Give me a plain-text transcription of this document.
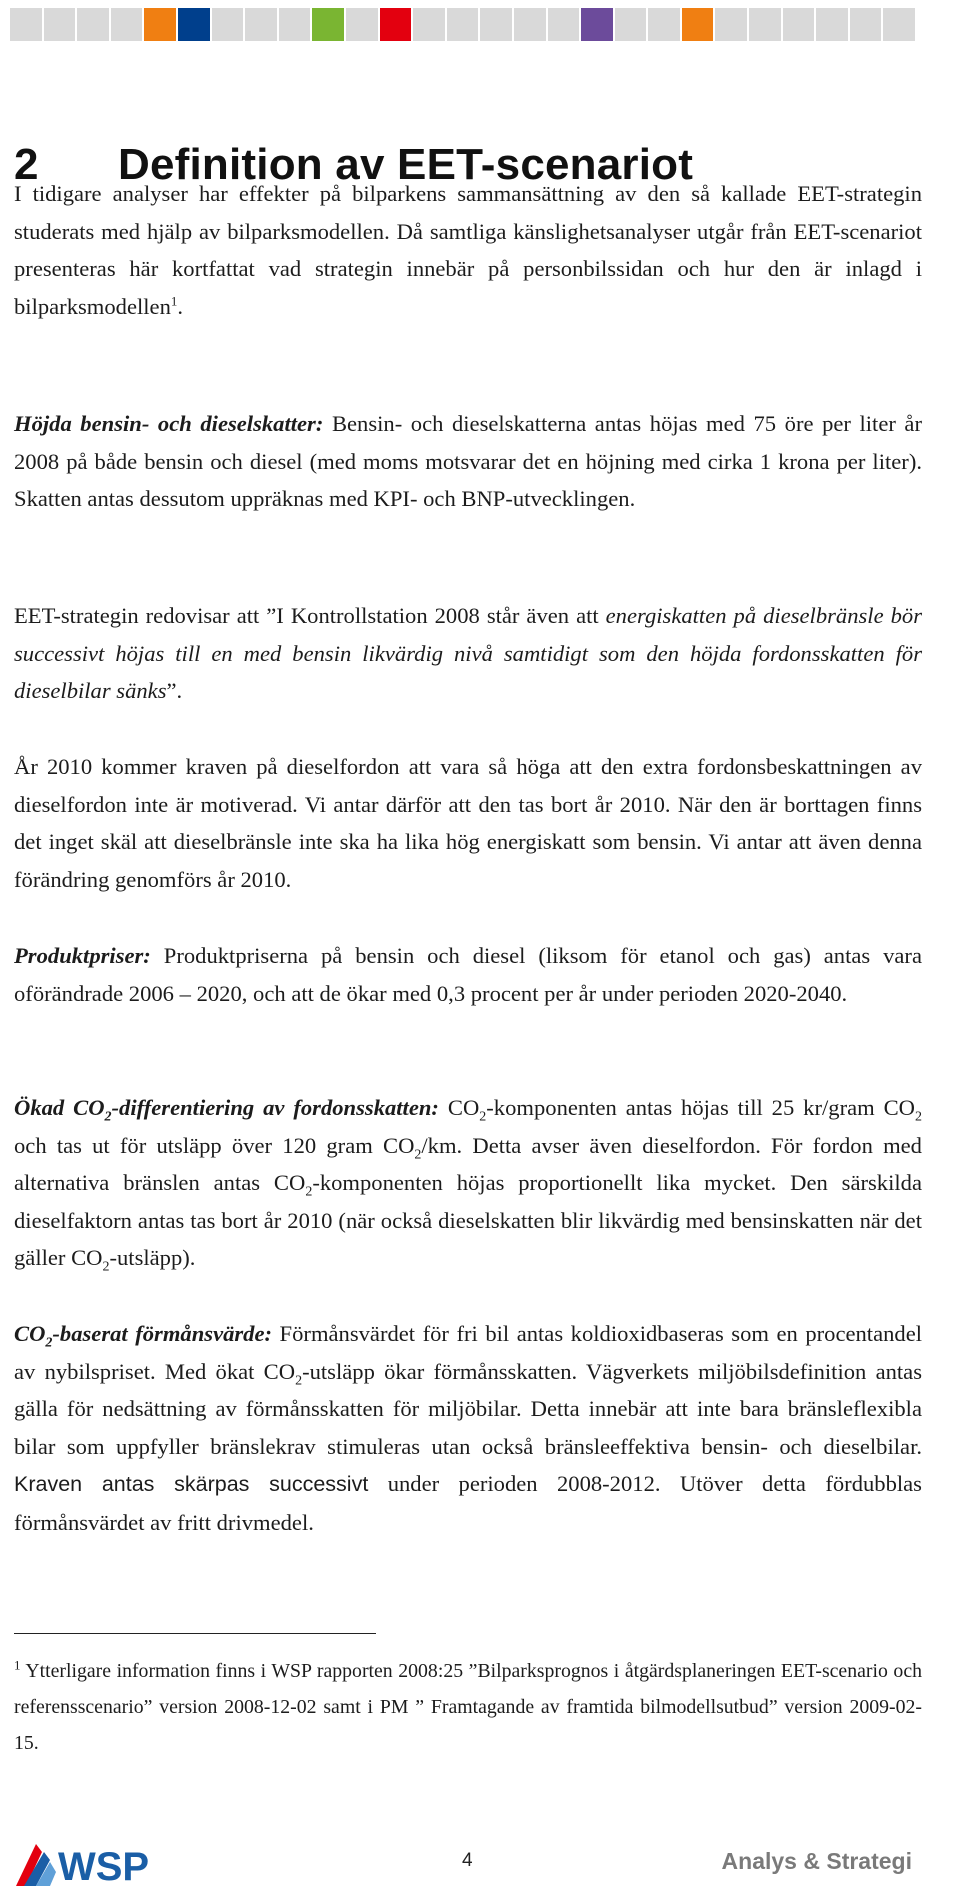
2 Definition av EET-scenariot

I tidigare analyser har effekter på bilparkens sammansättning av den så kallade EET-strategin studerats med hjälp av bilparksmodellen. Då samtliga känslighetsanalyser utgår från EET-scenariot presenteras här kortfattat vad strategin innebär på personbilssidan och hur den är inlagd i bilparksmodellen$^1$.

Höjda bensin- och dieselskatter: Bensin- och dieselskatterna antas höjas med 75 öre per liter år 2008 på både bensin och diesel (med moms motsvarar det en höjning med cirka 1 krona per liter). Skatten antas dessutom uppräknas med KPI- och BNP-utvecklingen.

EET-strategin redovisar att ”I Kontrollstation 2008 står även att energiskatten på dieselbränsle bör successivt höjas till en med bensin likvärdig nivå samtidigt som den höjda fordonsskatten för dieselbilar sänks”.

År 2010 kommer kraven på dieselfordon att vara så höga att den extra fordonsbeskattningen av dieselfordon inte är motiverad. Vi antar därför att den tas bort år 2010. När den är borttagen finns det inget skäl att dieselbränsle inte ska ha lika hög energiskatt som bensin. Vi antar att även denna förändring genomförs år 2010.

Produktpriser: Produktpriserna på bensin och diesel (liksom för etanol och gas) antas vara oförändrade 2006 – 2020, och att de ökar med 0,3 procent per år under perioden 2020-2040.

Ökad $CO_2$-differentiering av fordonsskatten: $CO_2$-komponenten antas höjas till 25 kr/gram $CO_2$ och tas ut för utsläpp över 120 gram $CO_2/km$. Detta avser även dieselfordon. För fordon med alternativa bränslen antas $CO_2$-komponenten höjas proportionellt lika mycket. Den särskilda dieselfaktorn antas tas bort år 2010 (när också dieselskatten blir likvärdig med bensinskatten när det gäller $CO_2-utsläpp$).

$CO_2$-baserat förmånsvärde: Förmånsvärdet för fri bil antas koldioxidbaseras som en procentandel av nybilspriset. Med ökat $CO_2$-utsläpp ökar förmånsskatten. Vägverkets miljöbilsdefinition antas gälla för nedsättning av förmånsskatten för miljöbilar. Detta innebär att inte bara bränsleflexibla bilar som uppfyller bränslekrav stimuleras utan också bränsleeffektiva bensin- och dieselbilar. Kraven antas skärpas successivt under perioden 2008-2012. Utöver detta fördubblas förmånsvärdet av fritt drivmedel.

$^1$ Ytterligare information finns i WSP rapporten 2008:25 ”Bilparksprognos i åtgärdsplaneringen EET-scenario och referensscenario” version 2008-12-02 samt i PM ” Framtagande av framtida bilmodellsutbud” version 2009-02-15.

WSP	4	Analys & Strategi
